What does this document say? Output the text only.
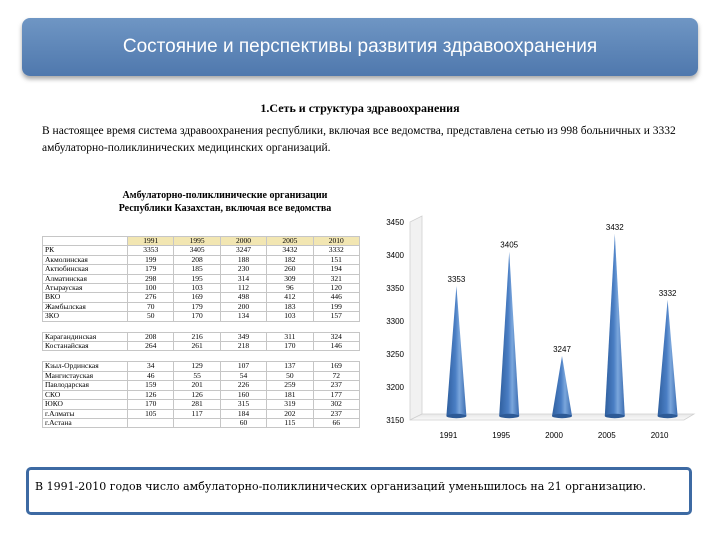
Состояние и перспективы развития здравоохранения
1.Сеть и структура здравоохранения
В настоящее время система здравоохранения республики, включая все ведомства, представлена сетью из 998 больничных и 3332 амбулаторно-поликлинических медицинских организаций.
Амбулаторно-поликлинические организации
Республики Казахстан, включая все ведомства
	1991	1995	2000	2005	2010
РК	3353	3405	3247	3432	3332
Акмолинская	199	208	188	182	151
Актюбинская	179	185	230	260	194
Алматинская	298	195	314	309	321
Атырауская	100	103	112	96	120
ВКО	276	169	498	412	446
Жамбылская	70	179	200	183	199
ЗКО	50	170	134	103	157

Карагандинская	208	216	349	311	324
Костанайская	264	261	218	170	146

Кзыл-Ординская	34	129	107	137	169
Мангистауская	46	55	54	50	72
Павлодарская	159	201	226	259	237
СКО	126	126	160	181	177
ЮКО	170	281	315	319	302
г.Алматы	105	117	184	202	237
г.Астана			60	115	66	3150
3200
3250
3300
3350
3400
3450
3353
1991
3405
1995
3247
2000
3432
2005
3332
2010
В 1991-2010 годов число амбулаторно-поликлинических организаций уменьшилось на 21 организацию.
